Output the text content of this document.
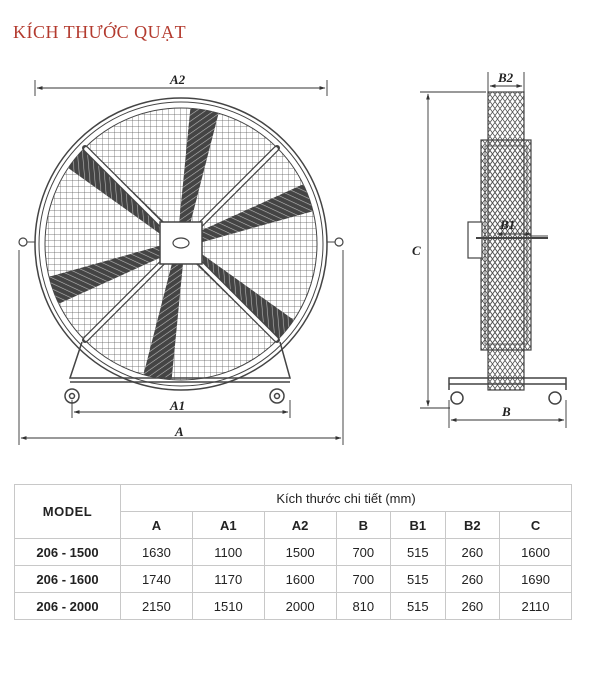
KÍCH THƯỚC QUẠT
A2
A1
A
B2
B1
C
B
MODEL	Kích thước chi tiết (mm)						
	A	A1	A2	B	B1	B2	C
206 - 1500	1630	1100	1500	700	515	260	1600
206 - 1600	1740	1170	1600	700	515	260	1690
206 - 2000	2150	1510	2000	810	515	260	2110
